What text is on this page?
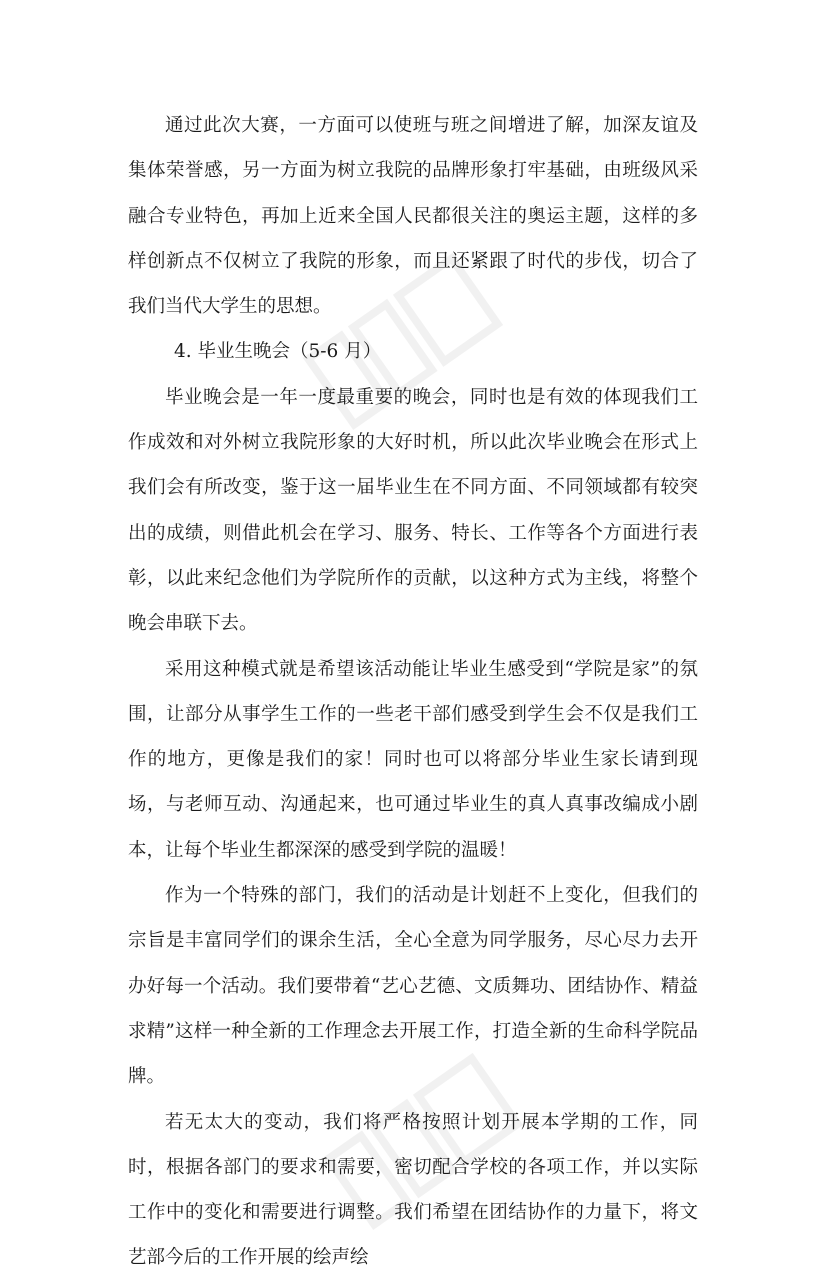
通过此次大赛，一方面可以使班与班之间增进了解，加深友谊及集体荣誉感，另一方面为树立我院的品牌形象打牢基础，由班级风采融合专业特色，再加上近来全国人民都很关注的奥运主题，这样的多样创新点不仅树立了我院的形象，而且还紧跟了时代的步伐，切合了我们当代大学生的思想。

4. 毕业生晚会（5-6 月）

毕业晚会是一年一度最重要的晚会，同时也是有效的体现我们工作成效和对外树立我院形象的大好时机，所以此次毕业晚会在形式上我们会有所改变，鉴于这一届毕业生在不同方面、不同领域都有较突出的成绩，则借此机会在学习、服务、特长、工作等各个方面进行表彰，以此来纪念他们为学院所作的贡献，以这种方式为主线，将整个晚会串联下去。

采用这种模式就是希望该活动能让毕业生感受到“学院是家”的氛围，让部分从事学生工作的一些老干部们感受到学生会不仅是我们工作的地方，更像是我们的家！同时也可以将部分毕业生家长请到现场，与老师互动、沟通起来，也可通过毕业生的真人真事改编成小剧本，让每个毕业生都深深的感受到学院的温暖！

作为一个特殊的部门，我们的活动是计划赶不上变化，但我们的宗旨是丰富同学们的课余生活，全心全意为同学服务，尽心尽力去开办好每一个活动。我们要带着“艺心艺德、文质舞功、团结协作、精益求精”这样一种全新的工作理念去开展工作，打造全新的生命科学院品牌。

若无太大的变动，我们将严格按照计划开展本学期的工作，同时，根据各部门的要求和需要，密切配合学校的各项工作，并以实际工作中的变化和需要进行调整。我们希望在团结协作的力量下，将文艺部今后的工作开展的绘声绘
